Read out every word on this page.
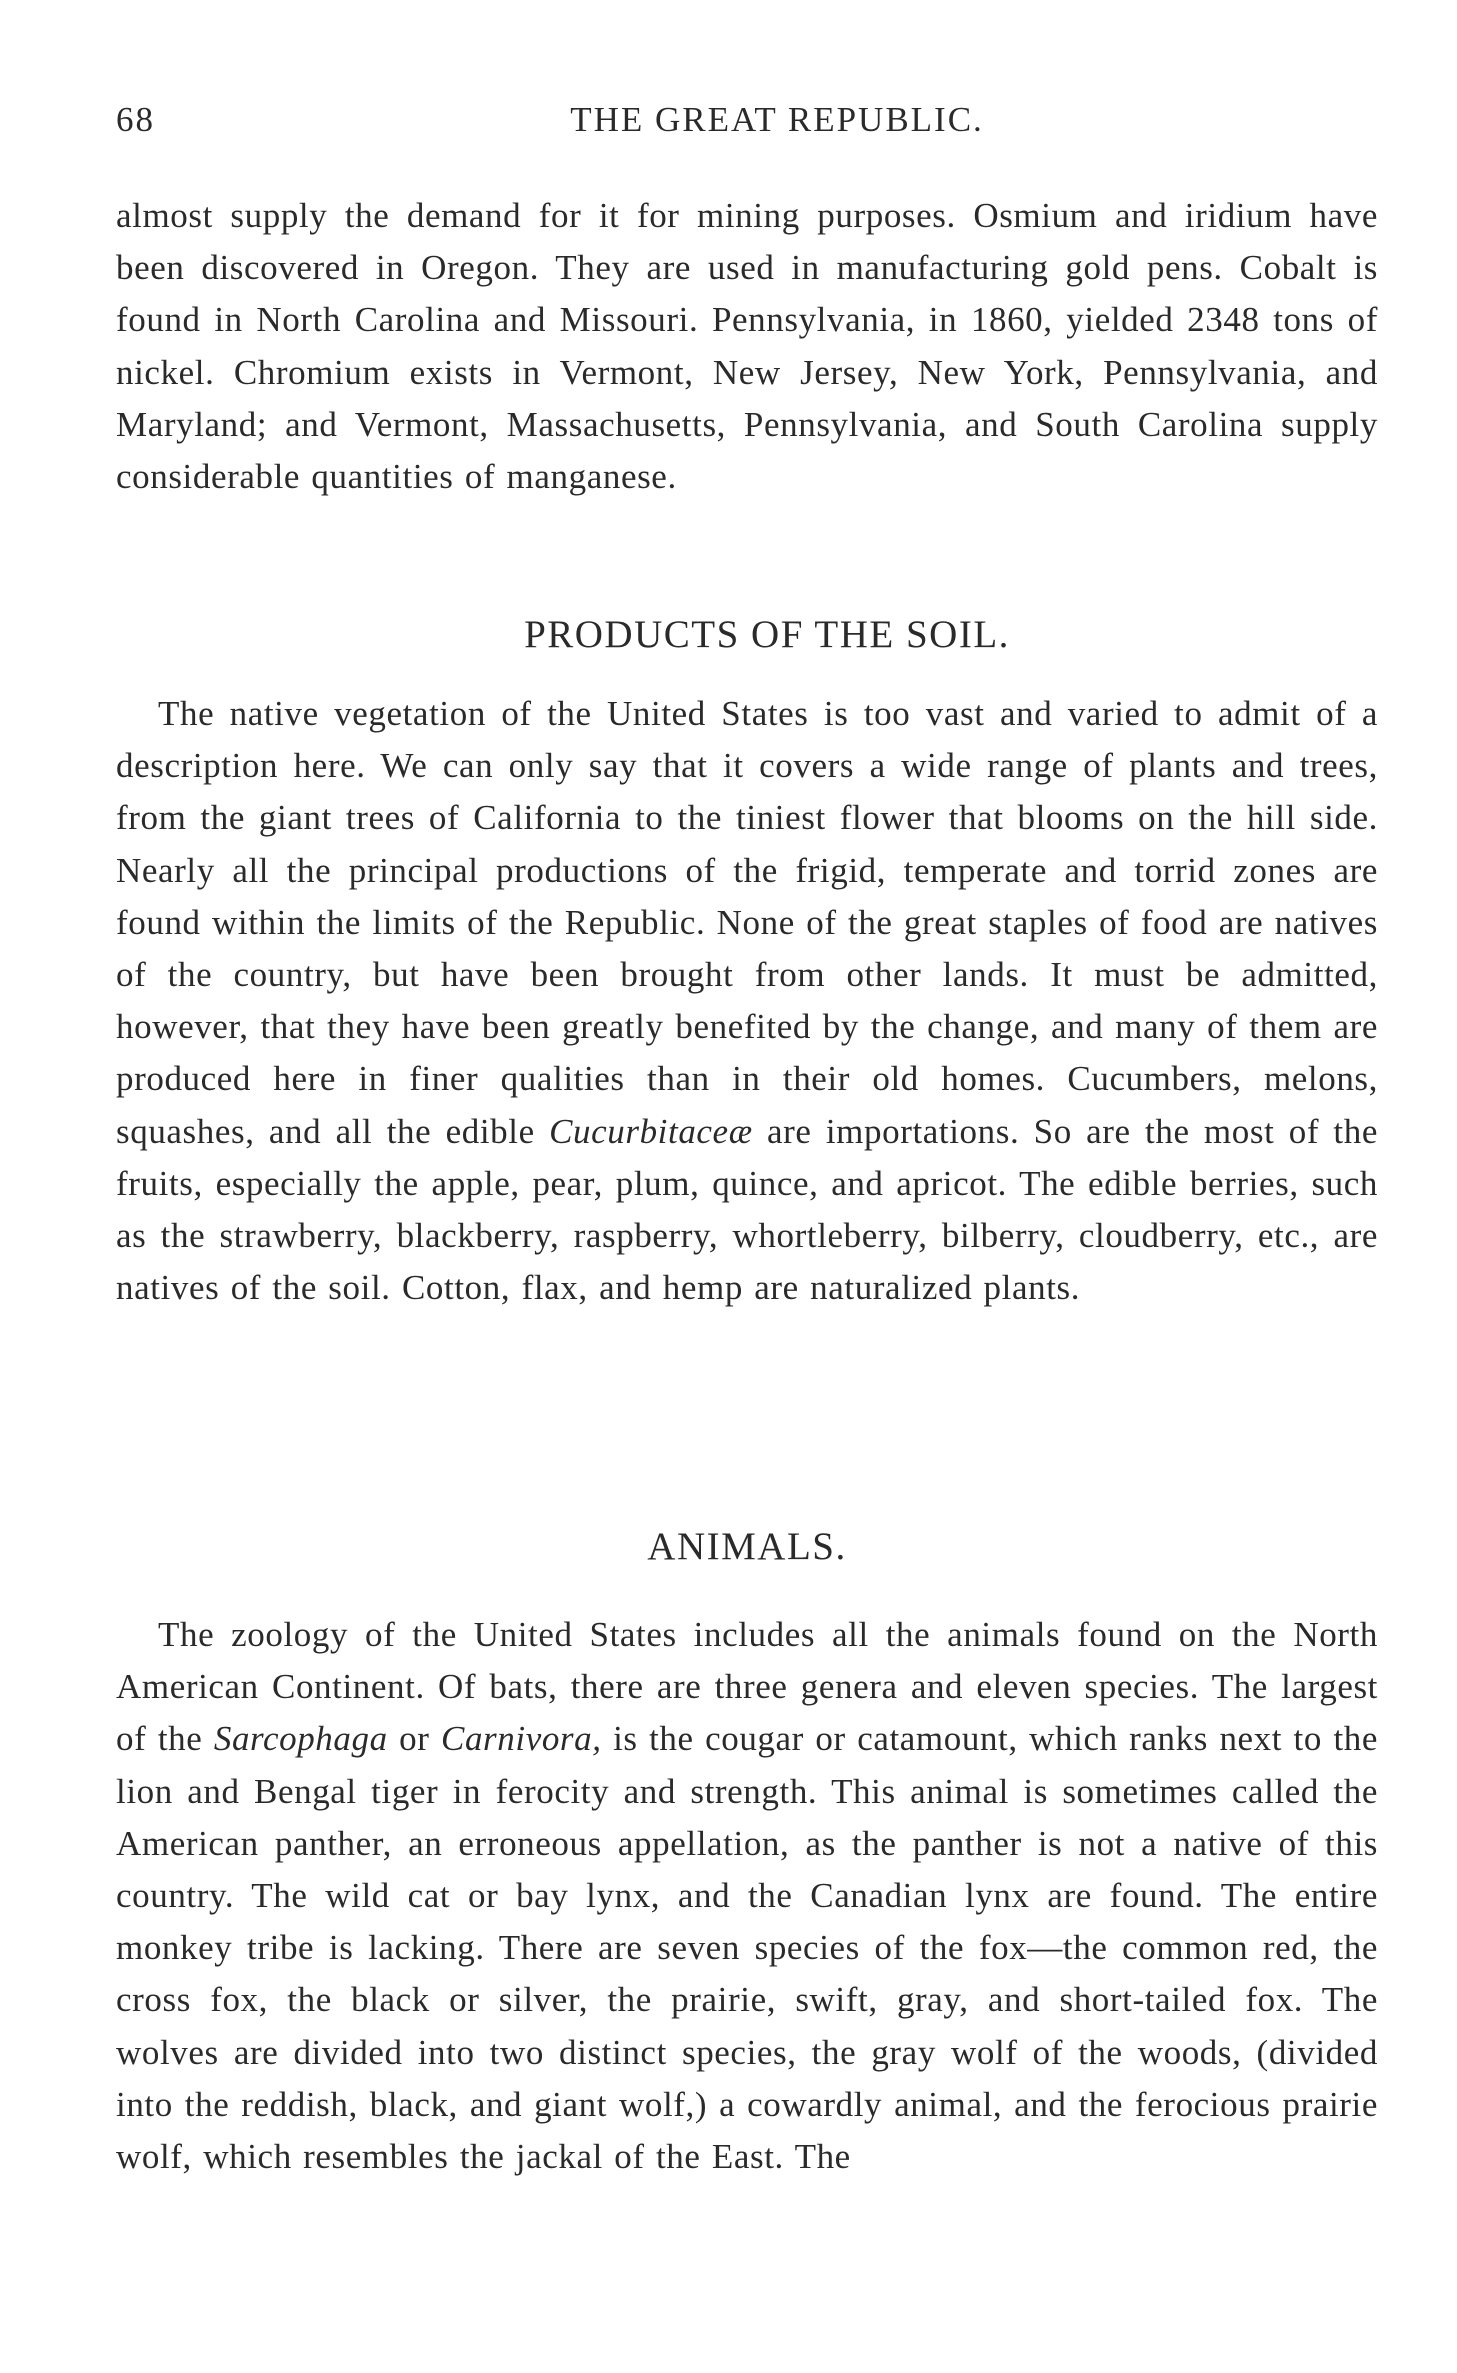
68	THE GREAT REPUBLIC.
almost supply the demand for it for mining purposes. Osmium and iridium have been discovered in Oregon. They are used in manufacturing gold pens. Cobalt is found in North Carolina and Missouri. Pennsylvania, in 1860, yielded 2348 tons of nickel. Chromium exists in Vermont, New Jersey, New York, Pennsylvania, and Maryland; and Vermont, Massachusetts, Pennsylvania, and South Carolina supply considerable quantities of manganese.
PRODUCTS OF THE SOIL.
The native vegetation of the United States is too vast and varied to admit of a description here. We can only say that it covers a wide range of plants and trees, from the giant trees of California to the tiniest flower that blooms on the hill side. Nearly all the principal productions of the frigid, temperate and torrid zones are found within the limits of the Republic. None of the great staples of food are natives of the country, but have been brought from other lands. It must be admitted, however, that they have been greatly benefited by the change, and many of them are produced here in finer qualities than in their old homes. Cucumbers, melons, squashes, and all the edible Cucurbitaceæ are importations. So are the most of the fruits, especially the apple, pear, plum, quince, and apricot. The edible berries, such as the strawberry, blackberry, raspberry, whortleberry, bilberry, cloudberry, etc., are natives of the soil. Cotton, flax, and hemp are naturalized plants.
ANIMALS.
The zoology of the United States includes all the animals found on the North American Continent. Of bats, there are three genera and eleven species. The largest of the Sarcophaga or Carnivora, is the cougar or catamount, which ranks next to the lion and Bengal tiger in ferocity and strength. This animal is sometimes called the American panther, an erroneous appellation, as the panther is not a native of this country. The wild cat or bay lynx, and the Canadian lynx are found. The entire monkey tribe is lacking. There are seven species of the fox—the common red, the cross fox, the black or silver, the prairie, swift, gray, and short-tailed fox. The wolves are divided into two distinct species, the gray wolf of the woods, (divided into the reddish, black, and giant wolf,) a cowardly animal, and the ferocious prairie wolf, which resembles the jackal of the East. The
